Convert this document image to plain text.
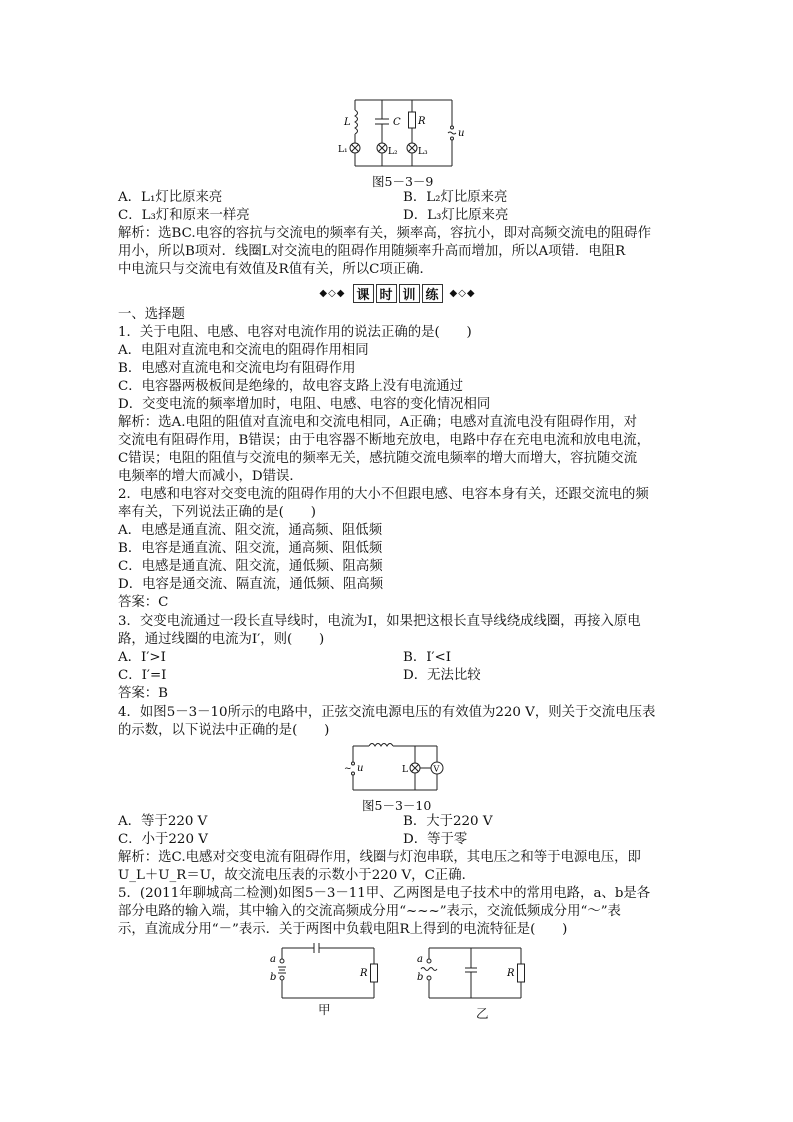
L	C R
L₁	L₂ L₃
u
图5－3－9
A．L₁灯比原来亮	B．L₂灯比原来亮
C．L₃灯和原来一样亮	D．L₃灯比原来亮
解析：选BC.电容的容抗与交流电的频率有关，频率高，容抗小，即对高频交流电的阻碍作
用小，所以B项对．线圈L对交流电的阻碍作用随频率升高而增加，所以A项错．电阻R
中电流只与交流电有效值及R值有关，所以C项正确．
◆◇◆ 课 时 训 练	◆◇◆
一、选择题
1．关于电阻、电感、电容对电流作用的说法正确的是(　　)
A．电阻对直流电和交流电的阻碍作用相同
B．电感对直流电和交流电均有阻碍作用
C．电容器两极板间是绝缘的，故电容支路上没有电流通过
D．交变电流的频率增加时，电阻、电感、电容的变化情况相同
解析：选A.电阻的阻值对直流电和交流电相同，A正确；电感对直流电没有阻碍作用，对
交流电有阻碍作用，B错误；由于电容器不断地充放电，电路中存在充电电流和放电电流，
C错误；电阻的阻值与交流电的频率无关，感抗随交流电频率的增大而增大，容抗随交流
电频率的增大而减小，D错误．
2．电感和电容对交变电流的阻碍作用的大小不但跟电感、电容本身有关，还跟交流电的频
率有关，下列说法正确的是(　　)
A．电感是通直流、阻交流，通高频、阻低频
B．电容是通直流、阻交流，通高频、阻低频
C．电感是通直流、阻交流，通低频、阻高频
D．电容是通交流、隔直流，通低频、阻高频
答案：C
3．交变电流通过一段长直导线时，电流为I，如果把这根长直导线绕成线圈，再接入原电
路，通过线圈的电流为I′，则(　　)
A．I′>I	B．I′<I
C．I′=I	D．无法比较
答案：B
4．如图5－3－10所示的电路中，正弦交流电源电压的有效值为220 V，则关于交流电压表
的示数，以下说法中正确的是(　　)
~ u	L	V
图5－3－10
A．等于220 V	B．大于220 V
C．小于220 V	D．等于零
解析：选C.电感对交变电流有阻碍作用，线圈与灯泡串联，其电压之和等于电源电压，即
U_L＋U_R＝U，故交流电压表的示数小于220 V，C正确．
5．(2011年聊城高二检测)如图5－3－11甲、乙两图是电子技术中的常用电路，a、b是各
部分电路的输入端，其中输入的交流高频成分用“~~~”表示，交流低频成分用“～”表
示，直流成分用“－”表示．关于两图中负载电阻R上得到的电流特征是(　　)
a
b	R
甲
a
b	R
乙
